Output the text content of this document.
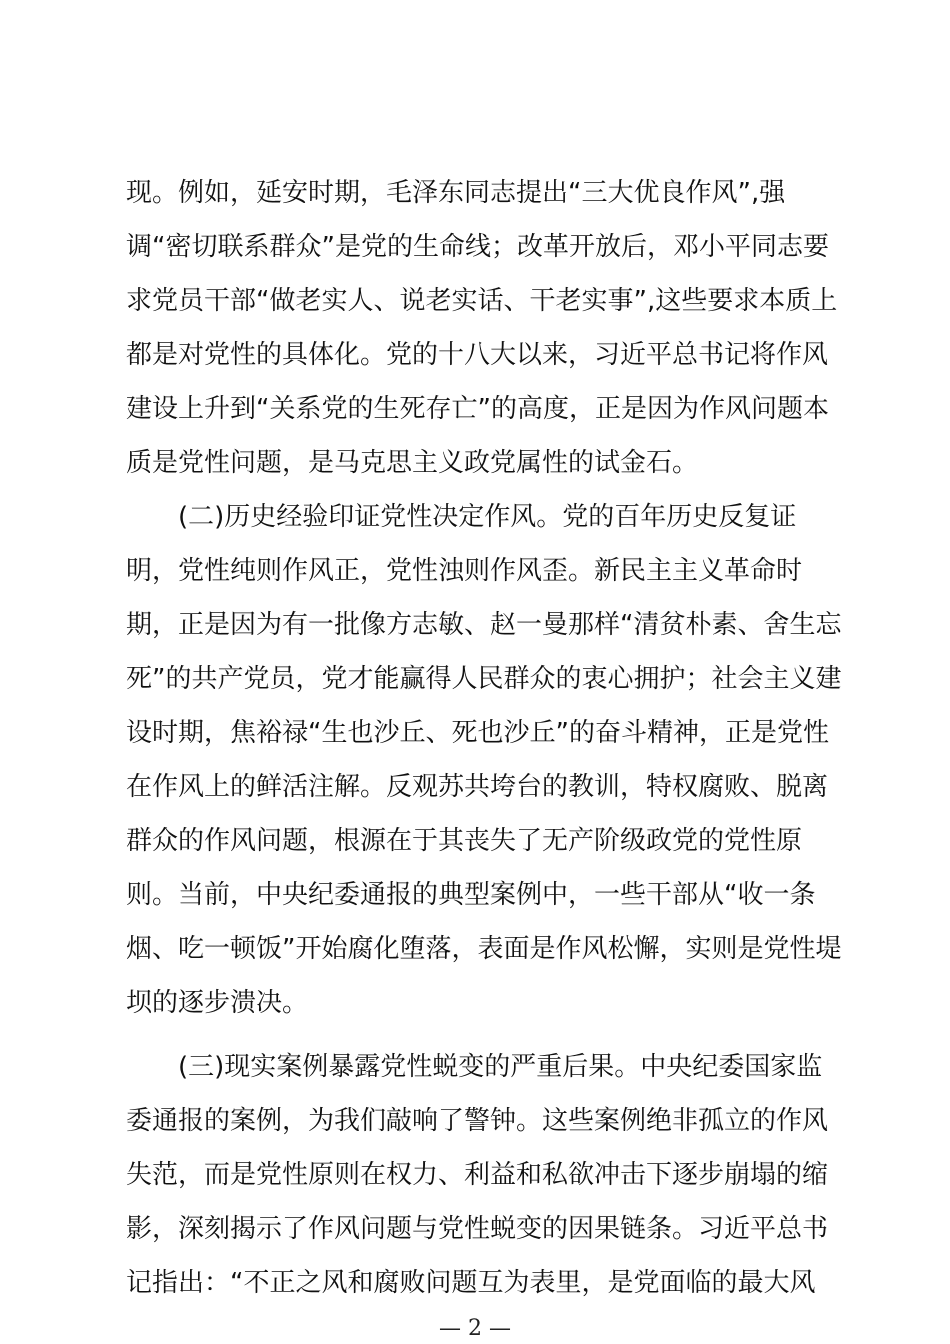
现。例如，延安时期，毛泽东同志提出“三大优良作风”,强
调“密切联系群众”是党的生命线；改革开放后，邓小平同志要
求党员干部“做老实人、说老实话、干老实事”,这些要求本质上
都是对党性的具体化。党的十八大以来，习近平总书记将作风
建设上升到“关系党的生死存亡”的高度，正是因为作风问题本
质是党性问题，是马克思主义政党属性的试金石。
(二)历史经验印证党性决定作风。党的百年历史反复证
明，党性纯则作风正，党性浊则作风歪。新民主主义革命时
期，正是因为有一批像方志敏、赵一曼那样“清贫朴素、舍生忘
死”的共产党员，党才能赢得人民群众的衷心拥护；社会主义建
设时期，焦裕禄“生也沙丘、死也沙丘”的奋斗精神，正是党性
在作风上的鲜活注解。反观苏共垮台的教训，特权腐败、脱离
群众的作风问题，根源在于其丧失了无产阶级政党的党性原
则。当前，中央纪委通报的典型案例中，一些干部从“收一条
烟、吃一顿饭”开始腐化堕落，表面是作风松懈，实则是党性堤
坝的逐步溃决。
(三)现实案例暴露党性蜕变的严重后果。中央纪委国家监
委通报的案例，为我们敲响了警钟。这些案例绝非孤立的作风
失范，而是党性原则在权力、利益和私欲冲击下逐步崩塌的缩
影，深刻揭示了作风问题与党性蜕变的因果链条。习近平总书
记指出：“不正之风和腐败问题互为表里，是党面临的最大风
— 2 —
